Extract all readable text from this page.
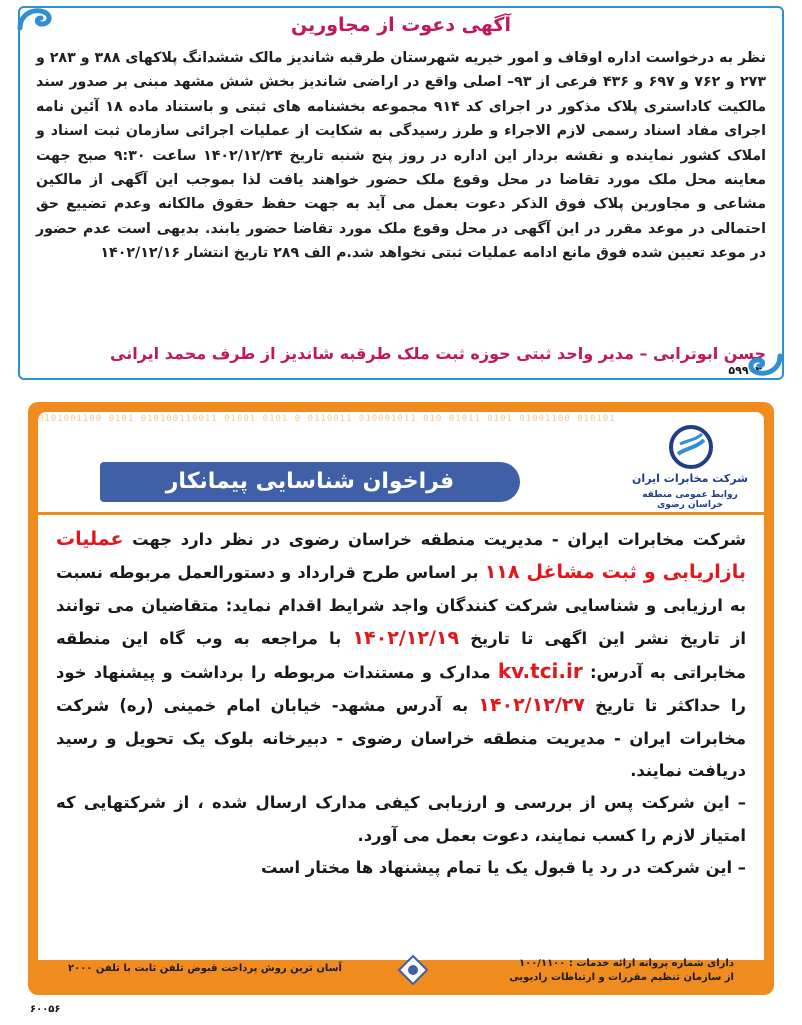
آگهی دعوت از مجاورین
نظر به درخواست اداره اوقاف و امور خیریه شهرستان طرقبه شاندیز مالک ششدانگ پلاکهای ۳۸۸ و ۲۸۳ و ۲۷۳ و ۷۶۲ و ۶۹۷ و ۴۳۶ فرعی از ۹۳– اصلی واقع در اراضی شاندیز بخش شش مشهد مبنی بر صدور سند مالکیت کاداستری پلاک مذکور در اجرای کد ۹۱۴ مجموعه بخشنامه های ثبتی و باستناد ماده ۱۸ آئین نامه اجرای مفاد اسناد رسمی لازم الاجراء و طرز رسیدگی به شکایت از عملیات اجرائی سازمان ثبت اسناد و املاک کشور نماینده و نقشه بردار این اداره در روز پنج شنبه تاریخ ۱۴۰۲/۱۲/۲۴ ساعت ۹:۳۰ صبح جهت معاینه محل ملک مورد تقاضا در محل وقوع ملک حضور خواهند یافت لذا بموجب این آگهی از مالکین مشاعی و مجاورین پلاک فوق الذکر دعوت بعمل می آید به جهت حفظ حقوق مالکانه وعدم تضییع حق احتمالی در موعد مقرر در این آگهی در محل وقوع ملک مورد تقاضا حضور یابند. بدیهی است عدم حضور در موعد تعیین شده فوق مانع ادامه عملیات ثبتی نخواهد شد.م الف ۲۸۹ تاریخ انتشار ۱۴۰۲/۱۲/۱۶
حسن ابوترابی – مدیر واحد ثبتی حوزه ثبت ملک طرقبه شاندیز از طرف محمد ایرانی
۵۹۹۰۳
0101001100 0101 010100110011 01001 0101 0 0110011 010001011 010 01011 0101 01001100 010101
فراخوان شناسایی پیمانکار	شرکت مخابرات ایران
روابط عمومی منطقه خراسان رضوی
شرکت مخابرات ایران - مدیریت منطقه خراسان رضوی در نظر دارد جهت عملیات بازاریابی و ثبت مشاغل ۱۱۸ بر اساس طرح قرارداد و دستورالعمل مربوطه نسبت به ارزیابی و شناسایی شرکت کنندگان واجد شرایط اقدام نماید: متقاضیان می توانند از تاریخ نشر این اگهی تا تاریخ ۱۴۰۲/۱۲/۱۹ با مراجعه به وب گاه این منطقه مخابراتی به آدرس: kv.tci.ir مدارک و مستندات مربوطه را برداشت و پیشنهاد خود را حداکثر تا تاریخ ۱۴۰۲/۱۲/۲۷ به آدرس مشهد- خیابان امام خمینی (ره) شرکت مخابرات ایران - مدیریت منطقه خراسان رضوی - دبیرخانه بلوک یک تحویل و رسید دریافت نمایند.
– این شرکت پس از بررسی و ارزیابی کیفی مدارک ارسال شده ، از شرکتهایی که امتیاز لازم را کسب نمایند، دعوت بعمل می آورد.
– این شرکت در رد یا قبول یک یا تمام پیشنهاد ها مختار است
دارای شماره پروانه ارائه خدمات : ۱۰۰/۱۱۰۰
از سازمان تنظیم مقررات و ارتباطات رادیویی
آسان ترین روش پرداخت قبوض تلفن ثابت با تلفن ۲۰۰۰
۶۰۰۵۶
